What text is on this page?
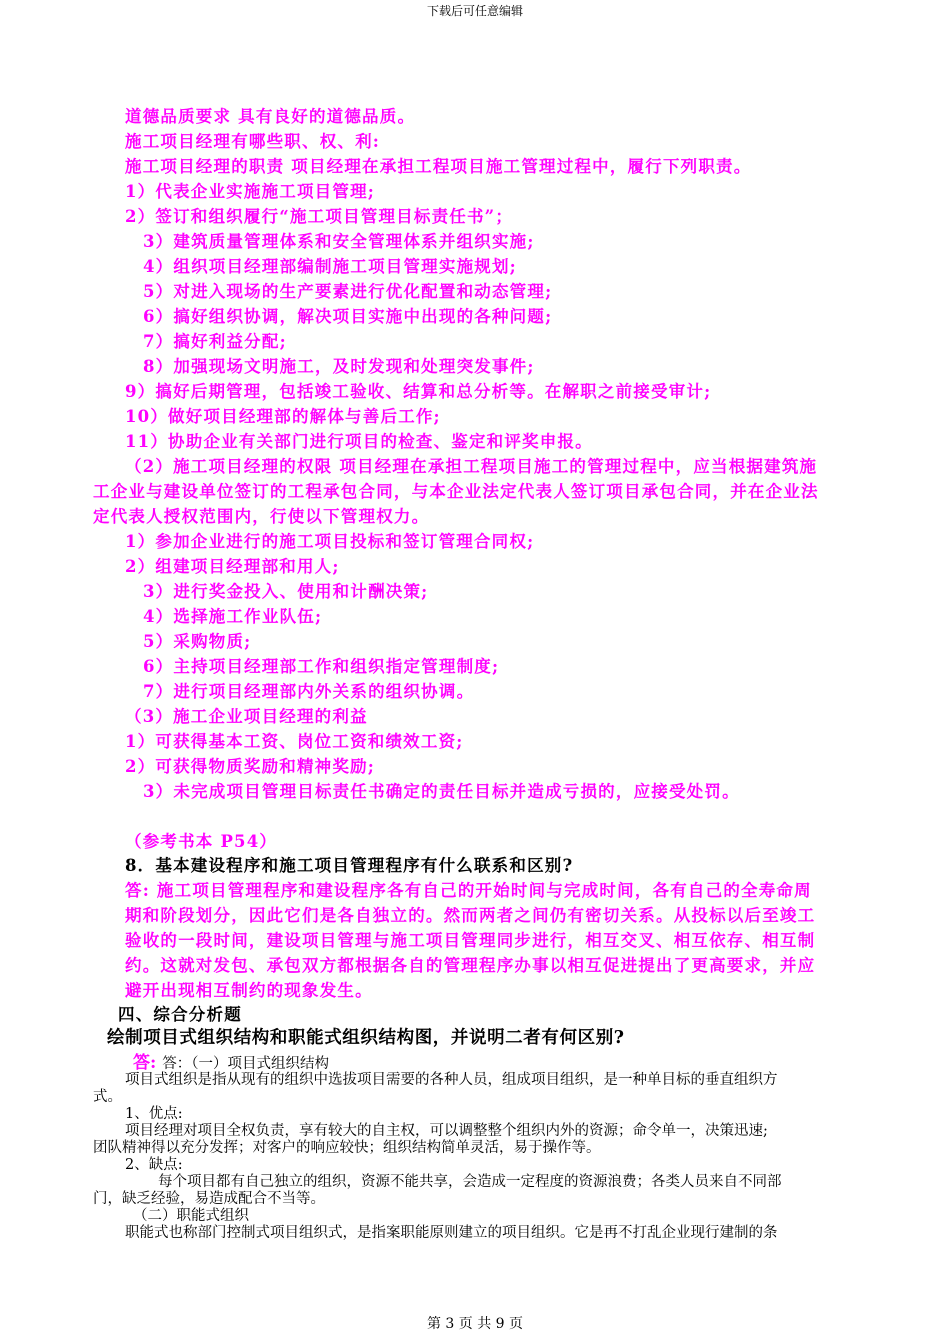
下载后可任意编辑
道德品质要求 具有良好的道德品质。
施工项目经理有哪些职、权、利:
施工项目经理的职责 项目经理在承担工程项目施工管理过程中，履行下列职责。
1）代表企业实施施工项目管理;
2）签订和组织履行“施工项目管理目标责任书”；
3）建筑质量管理体系和安全管理体系并组织实施;
4）组织项目经理部编制施工项目管理实施规划;
5）对进入现场的生产要素进行优化配置和动态管理;
6）搞好组织协调，解决项目实施中出现的各种问题;
7）搞好利益分配;
8）加强现场文明施工，及时发现和处理突发事件;
9）搞好后期管理，包括竣工验收、结算和总分析等。在解职之前接受审计;
10）做好项目经理部的解体与善后工作;
11）协助企业有关部门进行项目的检查、鉴定和评奖申报。
（2）施工项目经理的权限 项目经理在承担工程项目施工的管理过程中，应当根据建筑施
工企业与建设单位签订的工程承包合同，与本企业法定代表人签订项目承包合同，并在企业法
定代表人授权范围内，行使以下管理权力。
1）参加企业进行的施工项目投标和签订管理合同权;
2）组建项目经理部和用人;
3）进行奖金投入、使用和计酬决策;
4）选择施工作业队伍;
5）采购物质;
6）主持项目经理部工作和组织指定管理制度;
7）进行项目经理部内外关系的组织协调。
（3）施工企业项目经理的利益
1）可获得基本工资、岗位工资和绩效工资;
2）可获得物质奖励和精神奖励;
3）未完成项目管理目标责任书确定的责任目标并造成亏损的，应接受处罚。
（参考书本 P54）
8．基本建设程序和施工项目管理程序有什么联系和区别?
答: 施工项目管理程序和建设程序各有自己的开始时间与完成时间，各有自己的全寿命周
期和阶段划分，因此它们是各自独立的。然而两者之间仍有密切关系。从投标以后至竣工
验收的一段时间，建设项目管理与施工项目管理同步进行，相互交叉、相互依存、相互制
约。这就对发包、承包双方都根据各自的管理程序办事以相互促进提出了更高要求，并应
避开出现相互制约的现象发生。
四、综合分析题
绘制项目式组织结构和职能式组织结构图，并说明二者有何区别?
答: 答：（一）项目式组织结构
项目式组织是指从现有的组织中选拔项目需要的各种人员，组成项目组织，是一种单目标的垂直组织方
式。
1、优点:
项目经理对项目全权负责，享有较大的自主权，可以调整整个组织内外的资源；命令单一，决策迅速;
团队精神得以充分发挥；对客户的响应较快；组织结构简单灵活，易于操作等。
2、缺点:
每个项目都有自己独立的组织，资源不能共享，会造成一定程度的资源浪费；各类人员来自不同部
门，缺乏经验，易造成配合不当等。
（二）职能式组织
职能式也称部门控制式项目组织式，是指案职能原则建立的项目组织。它是再不打乱企业现行建制的条
第 3 页 共 9 页
